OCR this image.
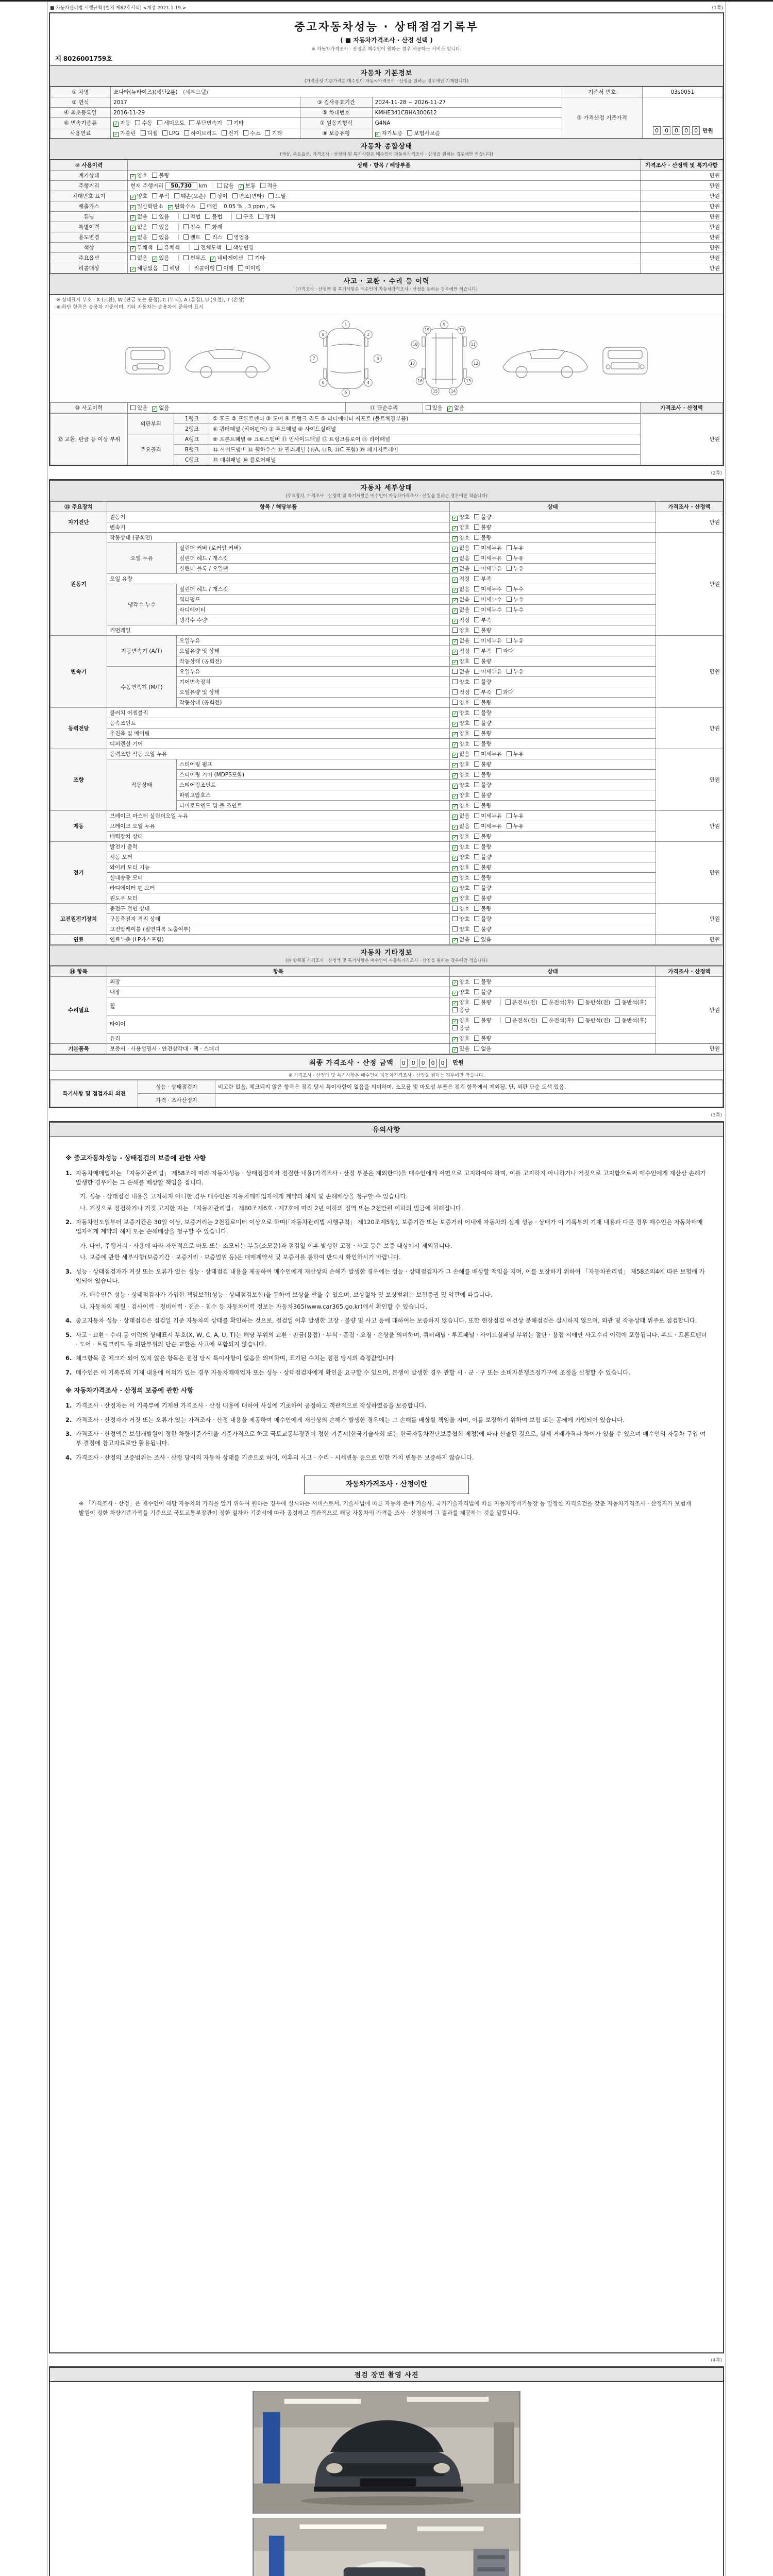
■ 자동차관리법 시행규칙 [별지 제82호서식] <개정 2021.1.19.>	(1쪽)
중고자동차성능 · 상태점검기록부
( ■ 자동차가격조사 · 산정 선택 )
※ 자동차가격조사 · 산정은 매수인이 원하는 경우 제공하는 서비스 입니다.
제 8026001759호
자동차 기본정보
(가격산정 기준가격은 매수인이 자동차가격조사 · 산정을 원하는 경우에만 기재합니다)
① 차명	쏘나타(뉴라이즈)(세단2륜)　 (세부모델)			기준서 번호	03s0051
② 연식	2017	③ 검사유효기간	2024-11-28 ~ 2026-11-27	⑨ 가격산정 기준가격	0 0 0 0 0 만원
④ 최초등록일	2016-11-29	⑤ 차대번호	KMHE341CBHA300612		
⑥ 변속기종류	✓ 자동 수동 세미오토 무단변속기 기타	⑦ 원동기형식	G4NA		
사용연료	✓ 가솔린 디젤 LPG 하이브리드 전기 수소 기타	⑧ 보증유형	✓ 자가보증 보험사보증		
자동차 종합상태
(색상, 주요옵션, 가격조사 · 산정액 및 특기사항은 매수인이 자동차가격조사 · 산정을 원하는 경우에만 적습니다)
⑨ 사용이력	상태 · 항목 / 해당부품	가격조사 · 산정액 및 특기사항
계기상태	✓ 양호 불량	만원
주행거리	현재 주행거리 50,730 km │ 많음 ✓ 보통 적음	만원
차대번호 표기	✓ 양호 부식 훼손(오손) 상이 변조(변타) 도말	만원
배출가스	✓ 일산화탄소 ✓ 탄화수소 매연 0.05 % , 3 ppm , %	만원
튜닝	✓ 없음 있음 │ 적법 불법 │ 구조 장치	만원
특별이력	✓ 없음 있음 │ 침수 화재	만원
용도변경	✓ 없음 있음 │ 렌트 리스 영업용	만원
색상	✓ 무채색 유채색 │ 전체도색 색상변경	만원
주요옵션	없음 ✓ 있음 │ 썬루프 ✓ 네비게이션 기타	만원
리콜대상	✓ 해당없음 해당 │ 리콜이행 이행 미이행	만원
사고 · 교환 · 수리 등 이력
(가격조사 · 산정액 및 특기사항은 매수인이 자동차가격조사 · 산정을 원하는 경우에만 적습니다)
※ 상태표시 부호 : X (교환), W (판금 또는 용접), C (부식), A (흠집), U (요철), T (손상)
※ 하단 항목은 승용차 기준이며, 기타 자동차는 승용차에 준하여 표시
1
2
3
4
5
6
7
8
9
10
11
12
13
14
15
16
17
18
19
⑩ 사고이력	있음 ✓ 없음	⑪ 단순수리	있음 ✓ 없음	가격조사 · 산정액
⑫ 교환, 판금 등 이상 부위	외판부위	1랭크	① 후드 ② 프론트펜더 ③ 도어 ④ 트렁크 리드 ⑤ 라디에이터 서포트 (볼트체결부품)	만원
		2랭크	⑥ 쿼터패널 (리어펜더) ⑦ 루프패널 ⑧ 사이드실패널	
	주요골격	A랭크	⑨ 프론트패널 ⑩ 크로스멤버 ⑪ 인사이드패널 ⑰ 트렁크플로어 ⑱ 리어패널	
		B랭크	⑫ 사이드멤버 ⑬ 휠하우스 ⑭ 필러패널 (⑭A, ⑭B, ⑭C 포함) ⑲ 패키지트레이	
		C랭크	⑮ 대쉬패널 ⑯ 플로어패널	
(2쪽)
자동차 세부상태
(주요장치, 가격조사 · 산정액 및 특기사항은 매수인이 자동차가격조사 · 산정을 원하는 경우에만 적습니다)
⑬ 주요장치	항목 / 해당부품		상태	가격조사 · 산정액
자기진단	원동기		✓ 양호 불량	만원
	변속기		✓ 양호 불량	
원동기	작동상태 (공회전)		✓ 양호 불량	만원
	오일 누유	실린더 커버 (로커암 커버)	✓ 없음 미세누유 누유	
		실린더 헤드 / 개스킷	✓ 없음 미세누유 누유	
		실린더 블록 / 오일팬	✓ 없음 미세누유 누유	
	오일 유량		✓ 적정 부족	
	냉각수 누수	실린더 헤드 / 개스킷	✓ 없음 미세누수 누수	
		워터펌프	✓ 없음 미세누수 누수	
		라디에이터	✓ 없음 미세누수 누수	
		냉각수 수량	✓ 적정 부족	
	커먼레일		양호 불량	
변속기	자동변속기 (A/T)	오일누유	✓ 없음 미세누유 누유	만원
		오일유량 및 상태	✓ 적정 부족 과다	
		작동상태 (공회전)	✓ 양호 불량	
	수동변속기 (M/T)	오일누유	없음 미세누유 누유	
		기어변속장치	양호 불량	
		오일유량 및 상태	적정 부족 과다	
		작동상태 (공회전)	양호 불량	
동력전달	클러치 어셈블리		✓ 양호 불량	만원
	등속조인트		✓ 양호 불량	
	추진축 및 베어링		✓ 양호 불량	
	디퍼렌셜 기어		✓ 양호 불량	
조향	동력조향 작동 오일 누유		✓ 없음 미세누유 누유	만원
	작동상태	스티어링 펌프	✓ 양호 불량	
		스티어링 기어 (MDPS포함)	✓ 양호 불량	
		스티어링조인트	✓ 양호 불량	
		파워고압호스	✓ 양호 불량	
		타이로드엔드 및 볼 조인트	✓ 양호 불량	
제동	브레이크 마스터 실린더오일 누유		✓ 없음 미세누유 누유	만원
	브레이크 오일 누유		✓ 없음 미세누유 누유	
	배력장치 상태		✓ 양호 불량	
전기	발전기 출력		✓ 양호 불량	만원
	시동 모터		✓ 양호 불량	
	와이퍼 모터 기능		✓ 양호 불량	
	실내송풍 모터		✓ 양호 불량	
	라디에이터 팬 모터		✓ 양호 불량	
	윈도우 모터		✓ 양호 불량	
고전원전기장치	충전구 절연 상태		양호 불량	만원
	구동축전지 격리 상태		양호 불량	
	고전압케이블 (절연피복 노출여부)		양호 불량	
연료	연료누출 (LP가스포함)		✓ 없음 있음	만원
자동차 기타정보
(⑭ 항목별 가격조사 · 산정액 및 특기사항은 매수인이 자동차가격조사 · 산정을 원하는 경우에만 적습니다)
⑭ 항목	항목	상태	가격조사 · 산정액
수리필요	외장	✓ 양호 불량	만원
	내장	✓ 양호 불량	
	휠	✓ 양호 불량 │ 운전석(전) 운전석(후) 동반석(전) 동반석(후)응급	
	타이어	✓ 양호 불량 │ 운전석(전) 운전석(후) 동반석(전) 동반석(후)응급	
	유리	✓ 양호 불량	
기본품목	보증서 · 사용설명서 · 안전삼각대 · 잭 · 스패너	✓ 있음 없음	만원
최종 가격조사 · 산정 금액	0 0 0 0 0	만원
※ 가격조사 · 산정액 및 특기사항은 매수인이 자동차가격조사 · 산정을 원하는 경우에만 적습니다.
특기사항 및 점검자의 의견	성능 · 상태점검자	비고란 없음. 체크되지 않은 항목은 점검 당시 특이사항이 없음을 의미하며, 소모품 및 마모성 부품은 점검 항목에서 제외됨. 단, 외판 단순 도색 있음.
	가격 · 조사산정자	
(3쪽)
유의사항
※ 중고자동차성능 · 상태점검의 보증에 관한 사항
1. 자동차매매업자는 「자동차관리법」 제58조에 따라 자동차성능 · 상태점검자가 점검한 내용(가격조사 · 산정 부분은 제외한다)을 매수인에게 서면으로 고지하여야 하며, 이를 고지하지 아니하거나 거짓으로 고지함으로써 매수인에게 재산상 손해가 발생한 경우에는 그 손해를 배상할 책임을 집니다.
가. 성능 · 상태점검 내용을 고지하지 아니한 경우 매수인은 자동차매매업자에게 계약의 해제 및 손해배상을 청구할 수 있습니다.
나. 거짓으로 점검하거나 거짓 고지한 자는 「자동차관리법」 제80조제6호 · 제7호에 따라 2년 이하의 징역 또는 2천만원 이하의 벌금에 처해집니다.
2. 자동차인도일부터 보증기간은 30일 이상, 보증거리는 2천킬로미터 이상으로 하며(「자동차관리법 시행규칙」 제120조제5항), 보증기간 또는 보증거리 이내에 자동차의 실제 성능 · 상태가 이 기록부의 기재 내용과 다른 경우 매수인은 자동차매매업자에게 계약의 해제 또는 손해배상을 청구할 수 있습니다.
가. 다만, 주행거리 · 사용에 따라 자연적으로 마모 또는 소모되는 부품(소모품)과 점검일 이후 발생한 고장 · 사고 등은 보증 대상에서 제외됩니다.
나. 보증에 관한 세부사항(보증기간 · 보증거리 · 보증범위 등)은 매매계약서 및 보증서를 통하여 반드시 확인하시기 바랍니다.
3. 성능 · 상태점검자가 거짓 또는 오류가 있는 성능 · 상태점검 내용을 제공하여 매수인에게 재산상의 손해가 발생한 경우에는 성능 · 상태점검자가 그 손해를 배상할 책임을 지며, 이를 보장하기 위하여 「자동차관리법」 제58조의4에 따른 보험에 가입되어 있습니다.
가. 매수인은 성능 · 상태점검자가 가입한 책임보험(성능 · 상태점검보험)을 통하여 보상을 받을 수 있으며, 보상절차 및 보상범위는 보험증권 및 약관에 따릅니다.
나. 자동차의 제원 · 검사이력 · 정비이력 · 전손 · 침수 등 자동차이력 정보는 자동차365(www.car365.go.kr)에서 확인할 수 있습니다.
4. 중고자동차 성능 · 상태점검은 점검일 기준 자동차의 상태를 확인하는 것으로, 점검일 이후 발생한 고장 · 불량 및 사고 등에 대하여는 보증하지 않습니다. 또한 현장점검 여건상 분해점검은 실시하지 않으며, 외관 및 작동상태 위주로 점검합니다.
5. 사고 · 교환 · 수리 등 이력의 상태표시 부호(X, W, C, A, U, T)는 해당 부위의 교환 · 판금(용접) · 부식 · 흠집 · 요철 · 손상을 의미하며, 쿼터패널 · 루프패널 · 사이드실패널 부위는 절단 · 용접 시에만 사고수리 이력에 포함됩니다. 후드 · 프론트펜더 · 도어 · 트렁크리드 등 외판부위의 단순 교환은 사고에 포함되지 않습니다.
6. 체크항목 중 체크가 되어 있지 않은 항목은 점검 당시 특이사항이 없음을 의미하며, 표기된 수치는 점검 당시의 측정값입니다.
7. 매수인은 이 기록부의 기재 내용에 이의가 있는 경우 자동차매매업자 또는 성능 · 상태점검자에게 확인을 요구할 수 있으며, 분쟁이 발생한 경우 관할 시 · 군 · 구 또는 소비자분쟁조정기구에 조정을 신청할 수 있습니다.
※ 자동차가격조사 · 산정의 보증에 관한 사항
1. 가격조사 · 산정자는 이 기록부에 기재된 가격조사 · 산정 내용에 대하여 사실에 기초하여 공정하고 객관적으로 작성하였음을 보증합니다.
2. 가격조사 · 산정자가 거짓 또는 오류가 있는 가격조사 · 산정 내용을 제공하여 매수인에게 재산상의 손해가 발생한 경우에는 그 손해를 배상할 책임을 지며, 이를 보장하기 위하여 보험 또는 공제에 가입되어 있습니다.
3. 가격조사 · 산정액은 보험개발원이 정한 차량기준가액을 기준가격으로 하고 국토교통부장관이 정한 기준서(한국기술사회 또는 한국자동차진단보증협회 제정)에 따라 산출된 것으로, 실제 거래가격과 차이가 있을 수 있으며 매수인의 자동차 구입 여부 결정에 참고자료로만 활용됩니다.
4. 가격조사 · 산정의 보증범위는 조사 · 산정 당시의 자동차 상태를 기준으로 하며, 이후의 사고 · 수리 · 시세변동 등으로 인한 가치 변동은 보증하지 않습니다.
자동차가격조사 · 산정이란
※ 「가격조사 · 산정」은 매수인이 해당 자동차의 가격을 알기 위하여 원하는 경우에 실시하는 서비스로서, 기술사법에 따른 자동차 분야 기술사, 국가기술자격법에 따른 자동차정비기능장 등 일정한 자격요건을 갖춘 자동차가격조사 · 산정자가 보험개발원이 정한 차량기준가액을 기준으로 국토교통부장관이 정한 절차와 기준서에 따라 공정하고 객관적으로 해당 자동차의 가격을 조사 · 산정하여 그 결과를 제공하는 것을 말합니다.
(4쪽)
점검 장면 촬영 사진
